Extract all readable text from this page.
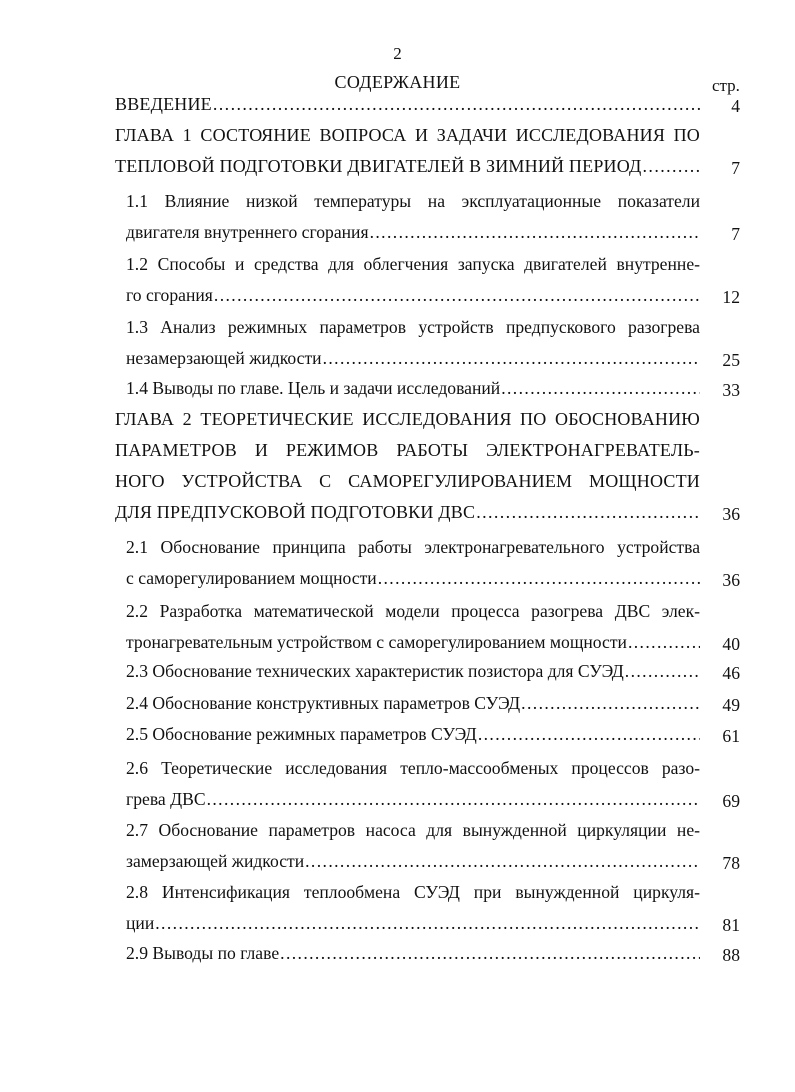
2
СОДЕРЖАНИЕ	стр.
ВВЕДЕНИЕ .....	4
ГЛАВА 1 СОСТОЯНИЕ ВОПРОСА И ЗАДАЧИ ИССЛЕДОВАНИЯ ПО
ТЕПЛОВОЙ ПОДГОТОВКИ ДВИГАТЕЛЕЙ В ЗИМНИЙ ПЕРИОД .....	7
1.1 Влияние низкой температуры на эксплуатационные показатели
двигателя внутреннего сгорания .....	7
1.2 Способы и средства для облегчения запуска двигателей внутренне-
го сгорания .....	12
1.3 Анализ режимных параметров устройств предпускового разогрева
незамерзающей жидкости .....	25
1.4 Выводы по главе. Цель и задачи исследований .....	33
ГЛАВА 2 ТЕОРЕТИЧЕСКИЕ ИССЛЕДОВАНИЯ ПО ОБОСНОВАНИЮ
ПАРАМЕТРОВ И РЕЖИМОВ РАБОТЫ ЭЛЕКТРОНАГРЕВАТЕЛЬ-
НОГО УСТРОЙСТВА С САМОРЕГУЛИРОВАНИЕМ МОЩНОСТИ
ДЛЯ ПРЕДПУСКОВОЙ ПОДГОТОВКИ ДВС .....	36
2.1 Обоснование принципа работы электронагревательного устройства
с саморегулированием мощности .....	36
2.2 Разработка математической модели процесса разогрева ДВС элек-
тронагревательным устройством с саморегулированием мощности .....	40
2.3 Обоснование технических характеристик позистора для СУЭД .....	46
2.4 Обоснование конструктивных параметров СУЭД .....	49
2.5 Обоснование режимных параметров СУЭД .....	61
2.6 Теоретические исследования тепло-массообменых процессов разо-
грева ДВС .....	69
2.7 Обоснование параметров насоса для вынужденной циркуляции не-
замерзающей жидкости .....	78
2.8 Интенсификация теплообмена СУЭД при вынужденной циркуля-
ции .....	81
2.9 Выводы по главе .....	88
